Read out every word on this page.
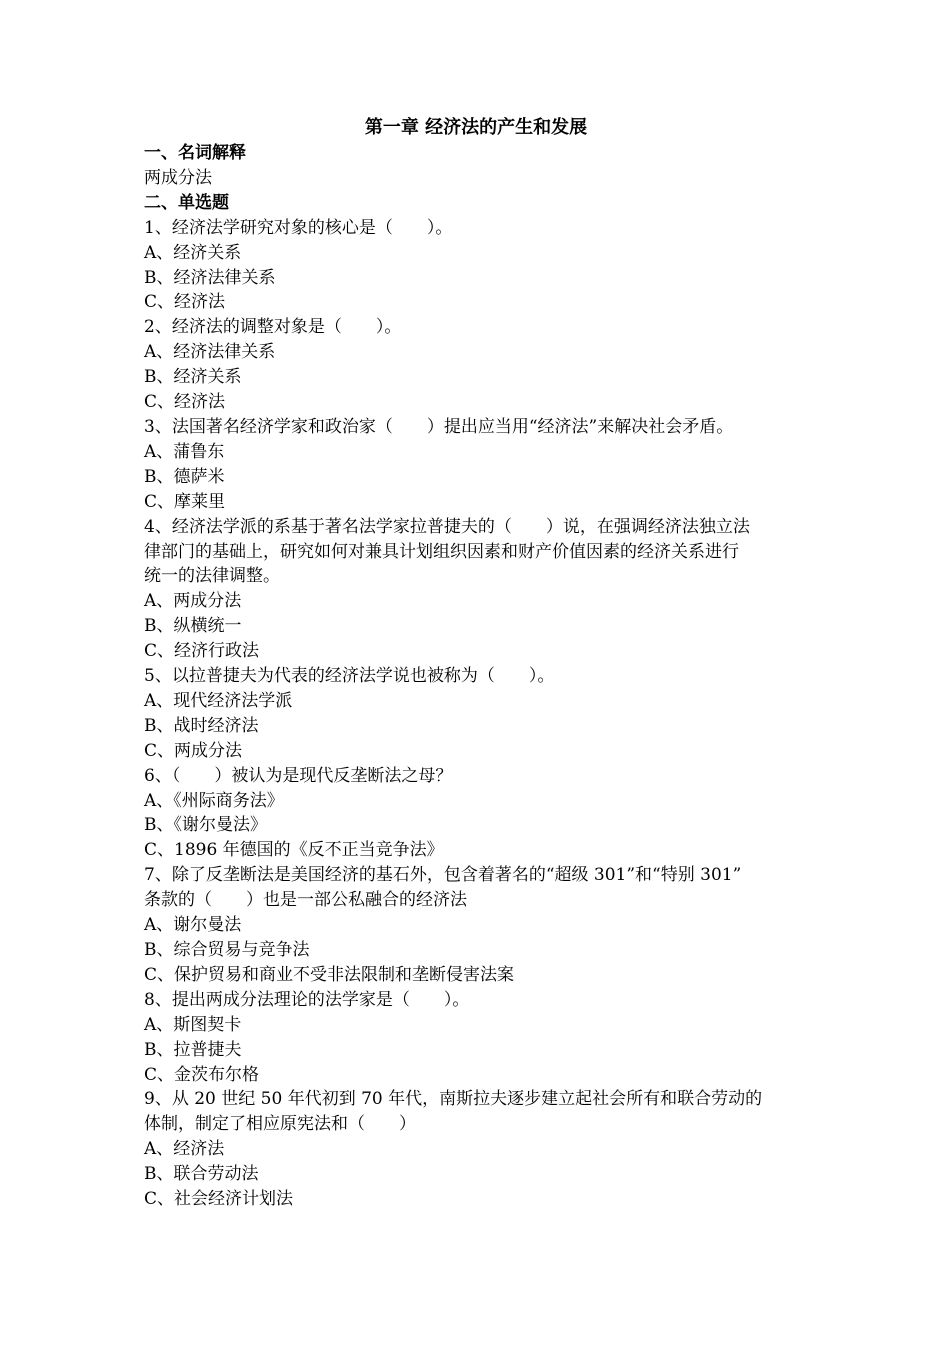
第一章 经济法的产生和发展
一、名词解释
两成分法
二、单选题
1、经济法学研究对象的核心是（　　）。
A、经济关系
B、经济法律关系
C、经济法
2、经济法的调整对象是（　　）。
A、经济法律关系
B、经济关系
C、经济法
3、法国著名经济学家和政治家（　　）提出应当用“经济法”来解决社会矛盾。
A、蒲鲁东
B、德萨米
C、摩莱里
4、经济法学派的系基于著名法学家拉普捷夫的（　　）说，在强调经济法独立法
律部门的基础上，研究如何对兼具计划组织因素和财产价值因素的经济关系进行
统一的法律调整。
A、两成分法
B、纵横统一
C、经济行政法
5、以拉普捷夫为代表的经济法学说也被称为（　　）。
A、现代经济法学派
B、战时经济法
C、两成分法
6、（　　）被认为是现代反垄断法之母？
A、《州际商务法》
B、《谢尔曼法》
C、1896 年德国的《反不正当竞争法》
7、除了反垄断法是美国经济的基石外，包含着著名的“超级 301”和“特别 301”
条款的（　　）也是一部公私融合的经济法
A、谢尔曼法
B、综合贸易与竞争法
C、保护贸易和商业不受非法限制和垄断侵害法案
8、提出两成分法理论的法学家是（　　）。
A、斯图契卡
B、拉普捷夫
C、金茨布尔格
9、从 20 世纪 50 年代初到 70 年代，南斯拉夫逐步建立起社会所有和联合劳动的
体制，制定了相应原宪法和（　　）
A、经济法
B、联合劳动法
C、社会经济计划法
